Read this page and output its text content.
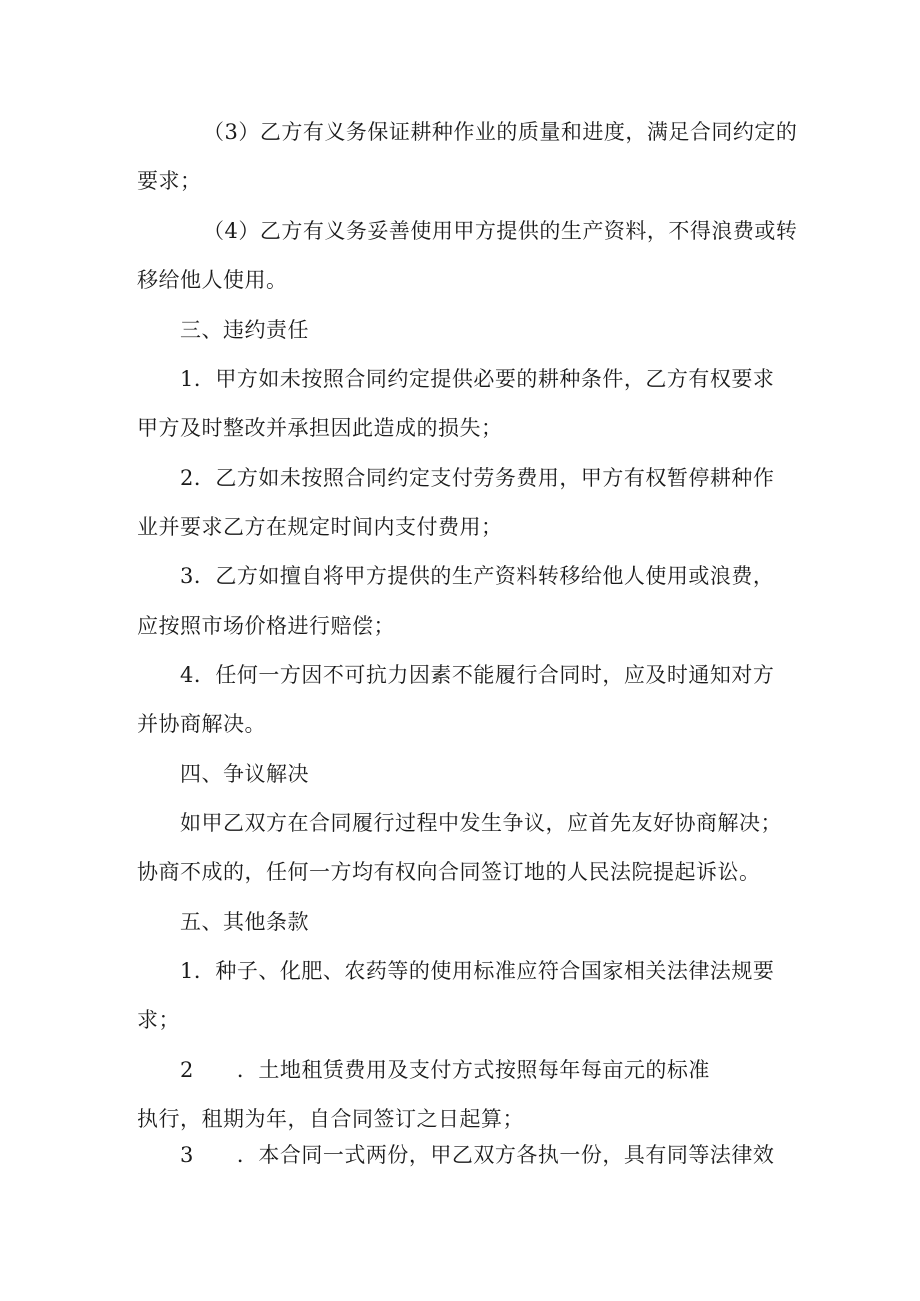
（3）乙方有义务保证耕种作业的质量和进度，满足合同约定的
要求；
（4）乙方有义务妥善使用甲方提供的生产资料，不得浪费或转
移给他人使用。
三、违约责任
1．甲方如未按照合同约定提供必要的耕种条件，乙方有权要求
甲方及时整改并承担因此造成的损失；
2．乙方如未按照合同约定支付劳务费用，甲方有权暂停耕种作
业并要求乙方在规定时间内支付费用；
3．乙方如擅自将甲方提供的生产资料转移给他人使用或浪费，
应按照市场价格进行赔偿；
4．任何一方因不可抗力因素不能履行合同时，应及时通知对方
并协商解决。
四、争议解决
如甲乙双方在合同履行过程中发生争议，应首先友好协商解决；
协商不成的，任何一方均有权向合同签订地的人民法院提起诉讼。
五、其他条款
1．种子、化肥、农药等的使用标准应符合国家相关法律法规要
求；
2　　．土地租赁费用及支付方式按照每年每亩元的标准
执行，租期为年，自合同签订之日起算；
3　　．本合同一式两份，甲乙双方各执一份，具有同等法律效
